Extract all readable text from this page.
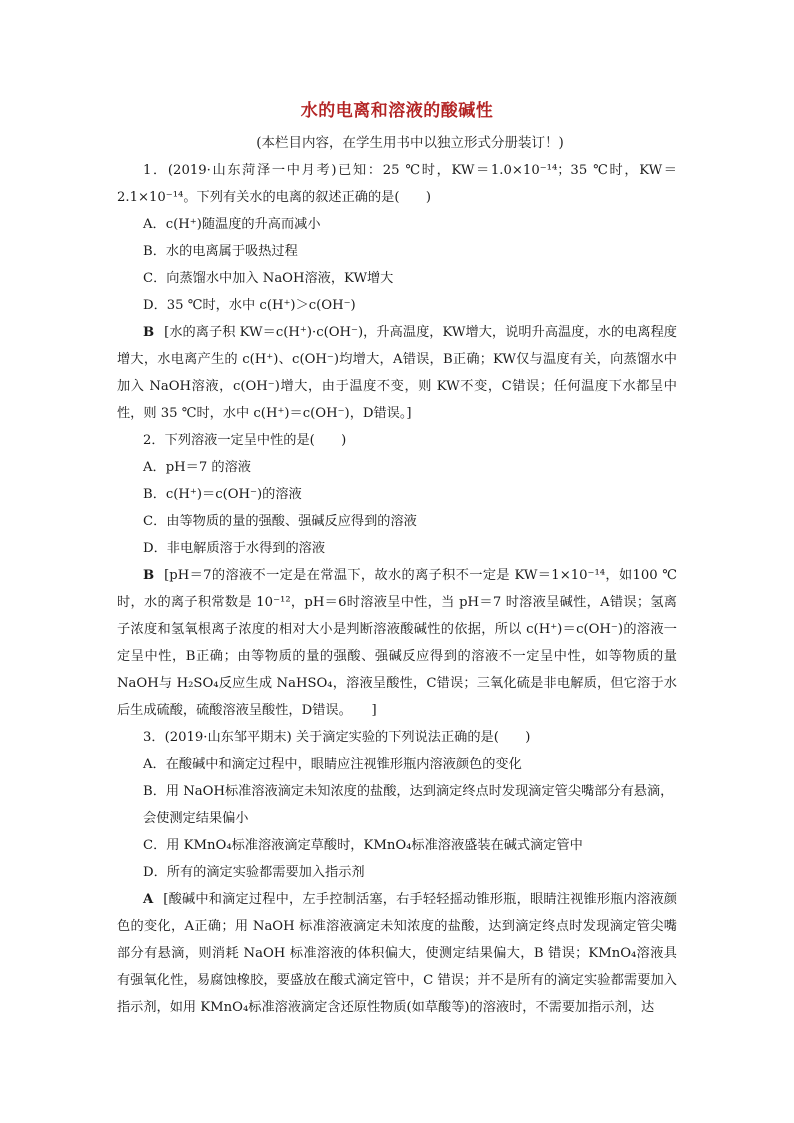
水的电离和溶液的酸碱性
(本栏目内容，在学生用书中以独立形式分册装订！)

1．(2019·山东菏泽一中月考)已知：25 ℃时，KW＝1.0×10⁻¹⁴；35 ℃时，KW＝2.1×10⁻¹⁴。下列有关水的电离的叙述正确的是(　　)

A．c(H⁺)随温度的升高而减小

B．水的电离属于吸热过程

C．向蒸馏水中加入 NaOH溶液，KW增大

D．35 ℃时，水中 c(H⁺)＞c(OH⁻)

B [水的离子积 KW＝c(H⁺)·c(OH⁻)，升高温度，KW增大，说明升高温度，水的电离程度增大，水电离产生的 c(H⁺)、c(OH⁻)均增大，A错误，B正确；KW仅与温度有关，向蒸馏水中加入 NaOH溶液，c(OH⁻)增大，由于温度不变，则 KW不变，C错误；任何温度下水都呈中性，则 35 ℃时，水中 c(H⁺)＝c(OH⁻)，D错误。]

2．下列溶液一定呈中性的是(　　)

A．pH＝7 的溶液

B．c(H⁺)＝c(OH⁻)的溶液

C．由等物质的量的强酸、强碱反应得到的溶液

D．非电解质溶于水得到的溶液

B [pH＝7的溶液不一定是在常温下，故水的离子积不一定是 KW＝1×10⁻¹⁴，如100 ℃时，水的离子积常数是 10⁻¹²，pH＝6时溶液呈中性，当 pH＝7 时溶液呈碱性，A错误；氢离子浓度和氢氧根离子浓度的相对大小是判断溶液酸碱性的依据，所以 c(H⁺)＝c(OH⁻)的溶液一定呈中性，B正确；由等物质的量的强酸、强碱反应得到的溶液不一定呈中性，如等物质的量 NaOH与 H₂SO₄反应生成 NaHSO₄，溶液呈酸性，C错误；三氧化硫是非电解质，但它溶于水后生成硫酸，硫酸溶液呈酸性，D错误。　　]

3．(2019·山东邹平期末) 关于滴定实验的下列说法正确的是(　　)

A．在酸碱中和滴定过程中，眼睛应注视锥形瓶内溶液颜色的变化

B．用 NaOH标准溶液滴定未知浓度的盐酸，达到滴定终点时发现滴定管尖嘴部分有悬滴，会使测定结果偏小

C．用 KMnO₄标准溶液滴定草酸时，KMnO₄标准溶液盛装在碱式滴定管中

D．所有的滴定实验都需要加入指示剂

A [酸碱中和滴定过程中，左手控制活塞，右手轻轻摇动锥形瓶，眼睛注视锥形瓶内溶液颜色的变化，A正确；用 NaOH 标准溶液滴定未知浓度的盐酸，达到滴定终点时发现滴定管尖嘴部分有悬滴，则消耗 NaOH 标准溶液的体积偏大，使测定结果偏大，B 错误；KMnO₄溶液具有强氧化性，易腐蚀橡胶，要盛放在酸式滴定管中，C 错误；并不是所有的滴定实验都需要加入指示剂，如用 KMnO₄标准溶液滴定含还原性物质(如草酸等)的溶液时，不需要加指示剂，达
